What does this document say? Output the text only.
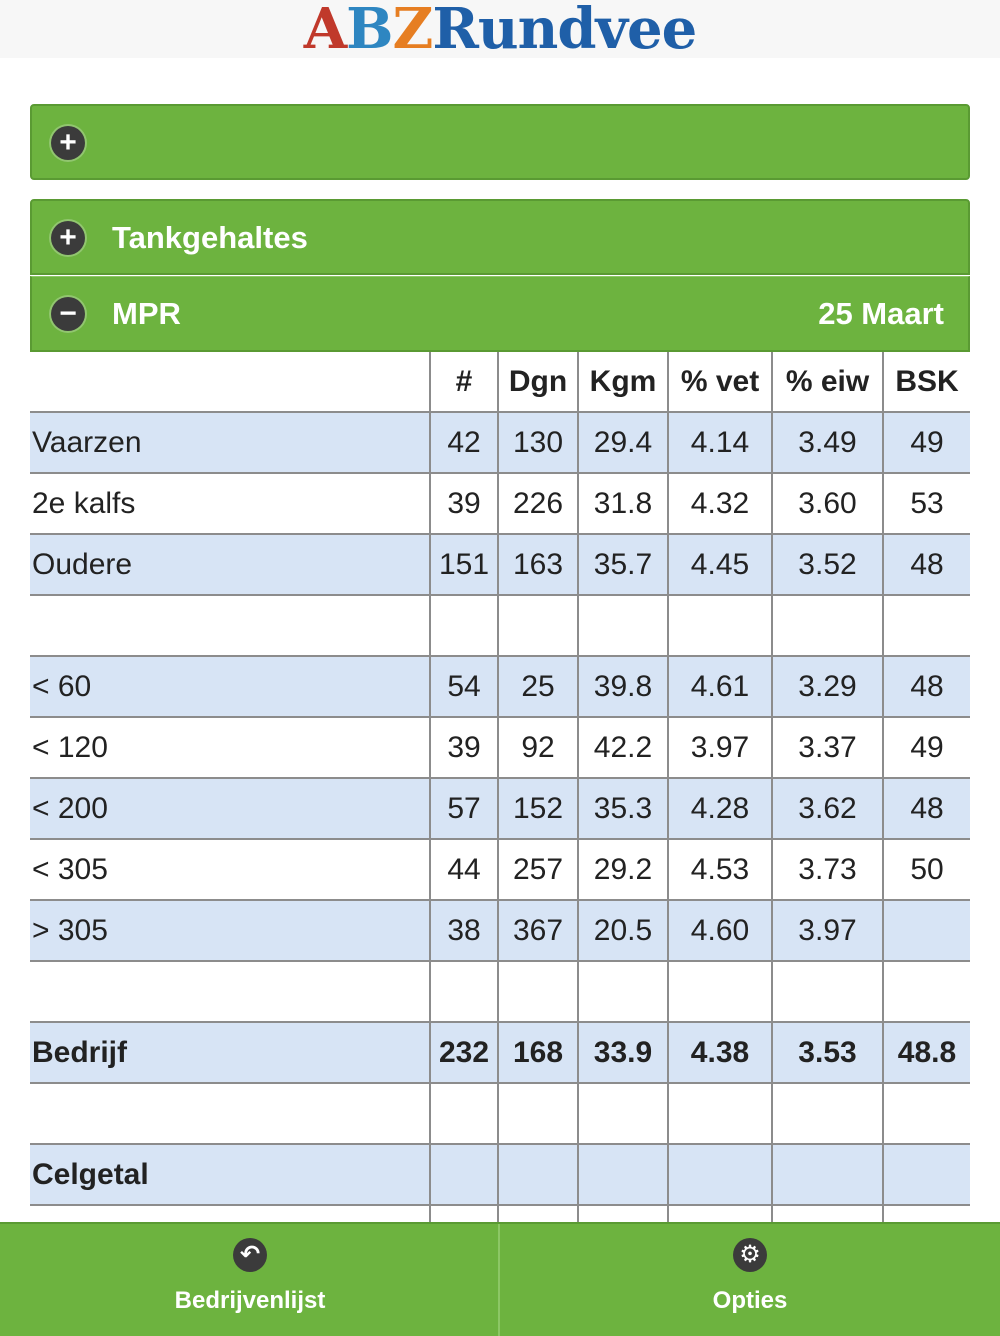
ABZRundvee
+
+ Tankgehaltes
− MPR	25 Maart
	#	Dgn	Kgm	% vet	% eiw	BSK
Vaarzen	42	130	29.4	4.14	3.49	49
2e kalfs	39	226	31.8	4.32	3.60	53
Oudere	151	163	35.7	4.45	3.52	48

< 60	54	25	39.8	4.61	3.29	48
< 120	39	92	42.2	3.97	3.37	49
< 200	57	152	35.3	4.28	3.62	48
< 305	44	257	29.2	4.53	3.73	50
> 305	38	367	20.5	4.60	3.97	

Bedrijf	232	168	33.9	4.38	3.53	48.8

Celgetal						

↶
Bedrijvenlijst
⚙
Opties
